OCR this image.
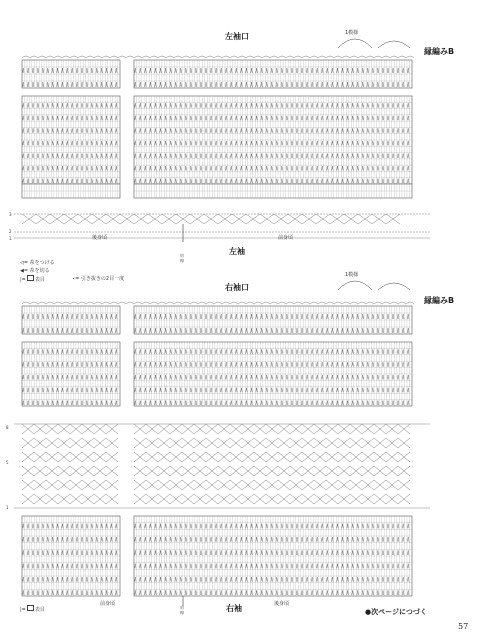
左袖口	1模様
縁編みB
後身頃
左袖
前身頃
肩線
◁= 糸をつける
◀= 糸を切る
|= 表目	⋆= 引き抜きの2目一度
右袖口
1模様
縁編みB
|= 表目
前身頃	右袖	後身頃
肩線	●次ページにつづく
57
3
2
1
8
5
1
